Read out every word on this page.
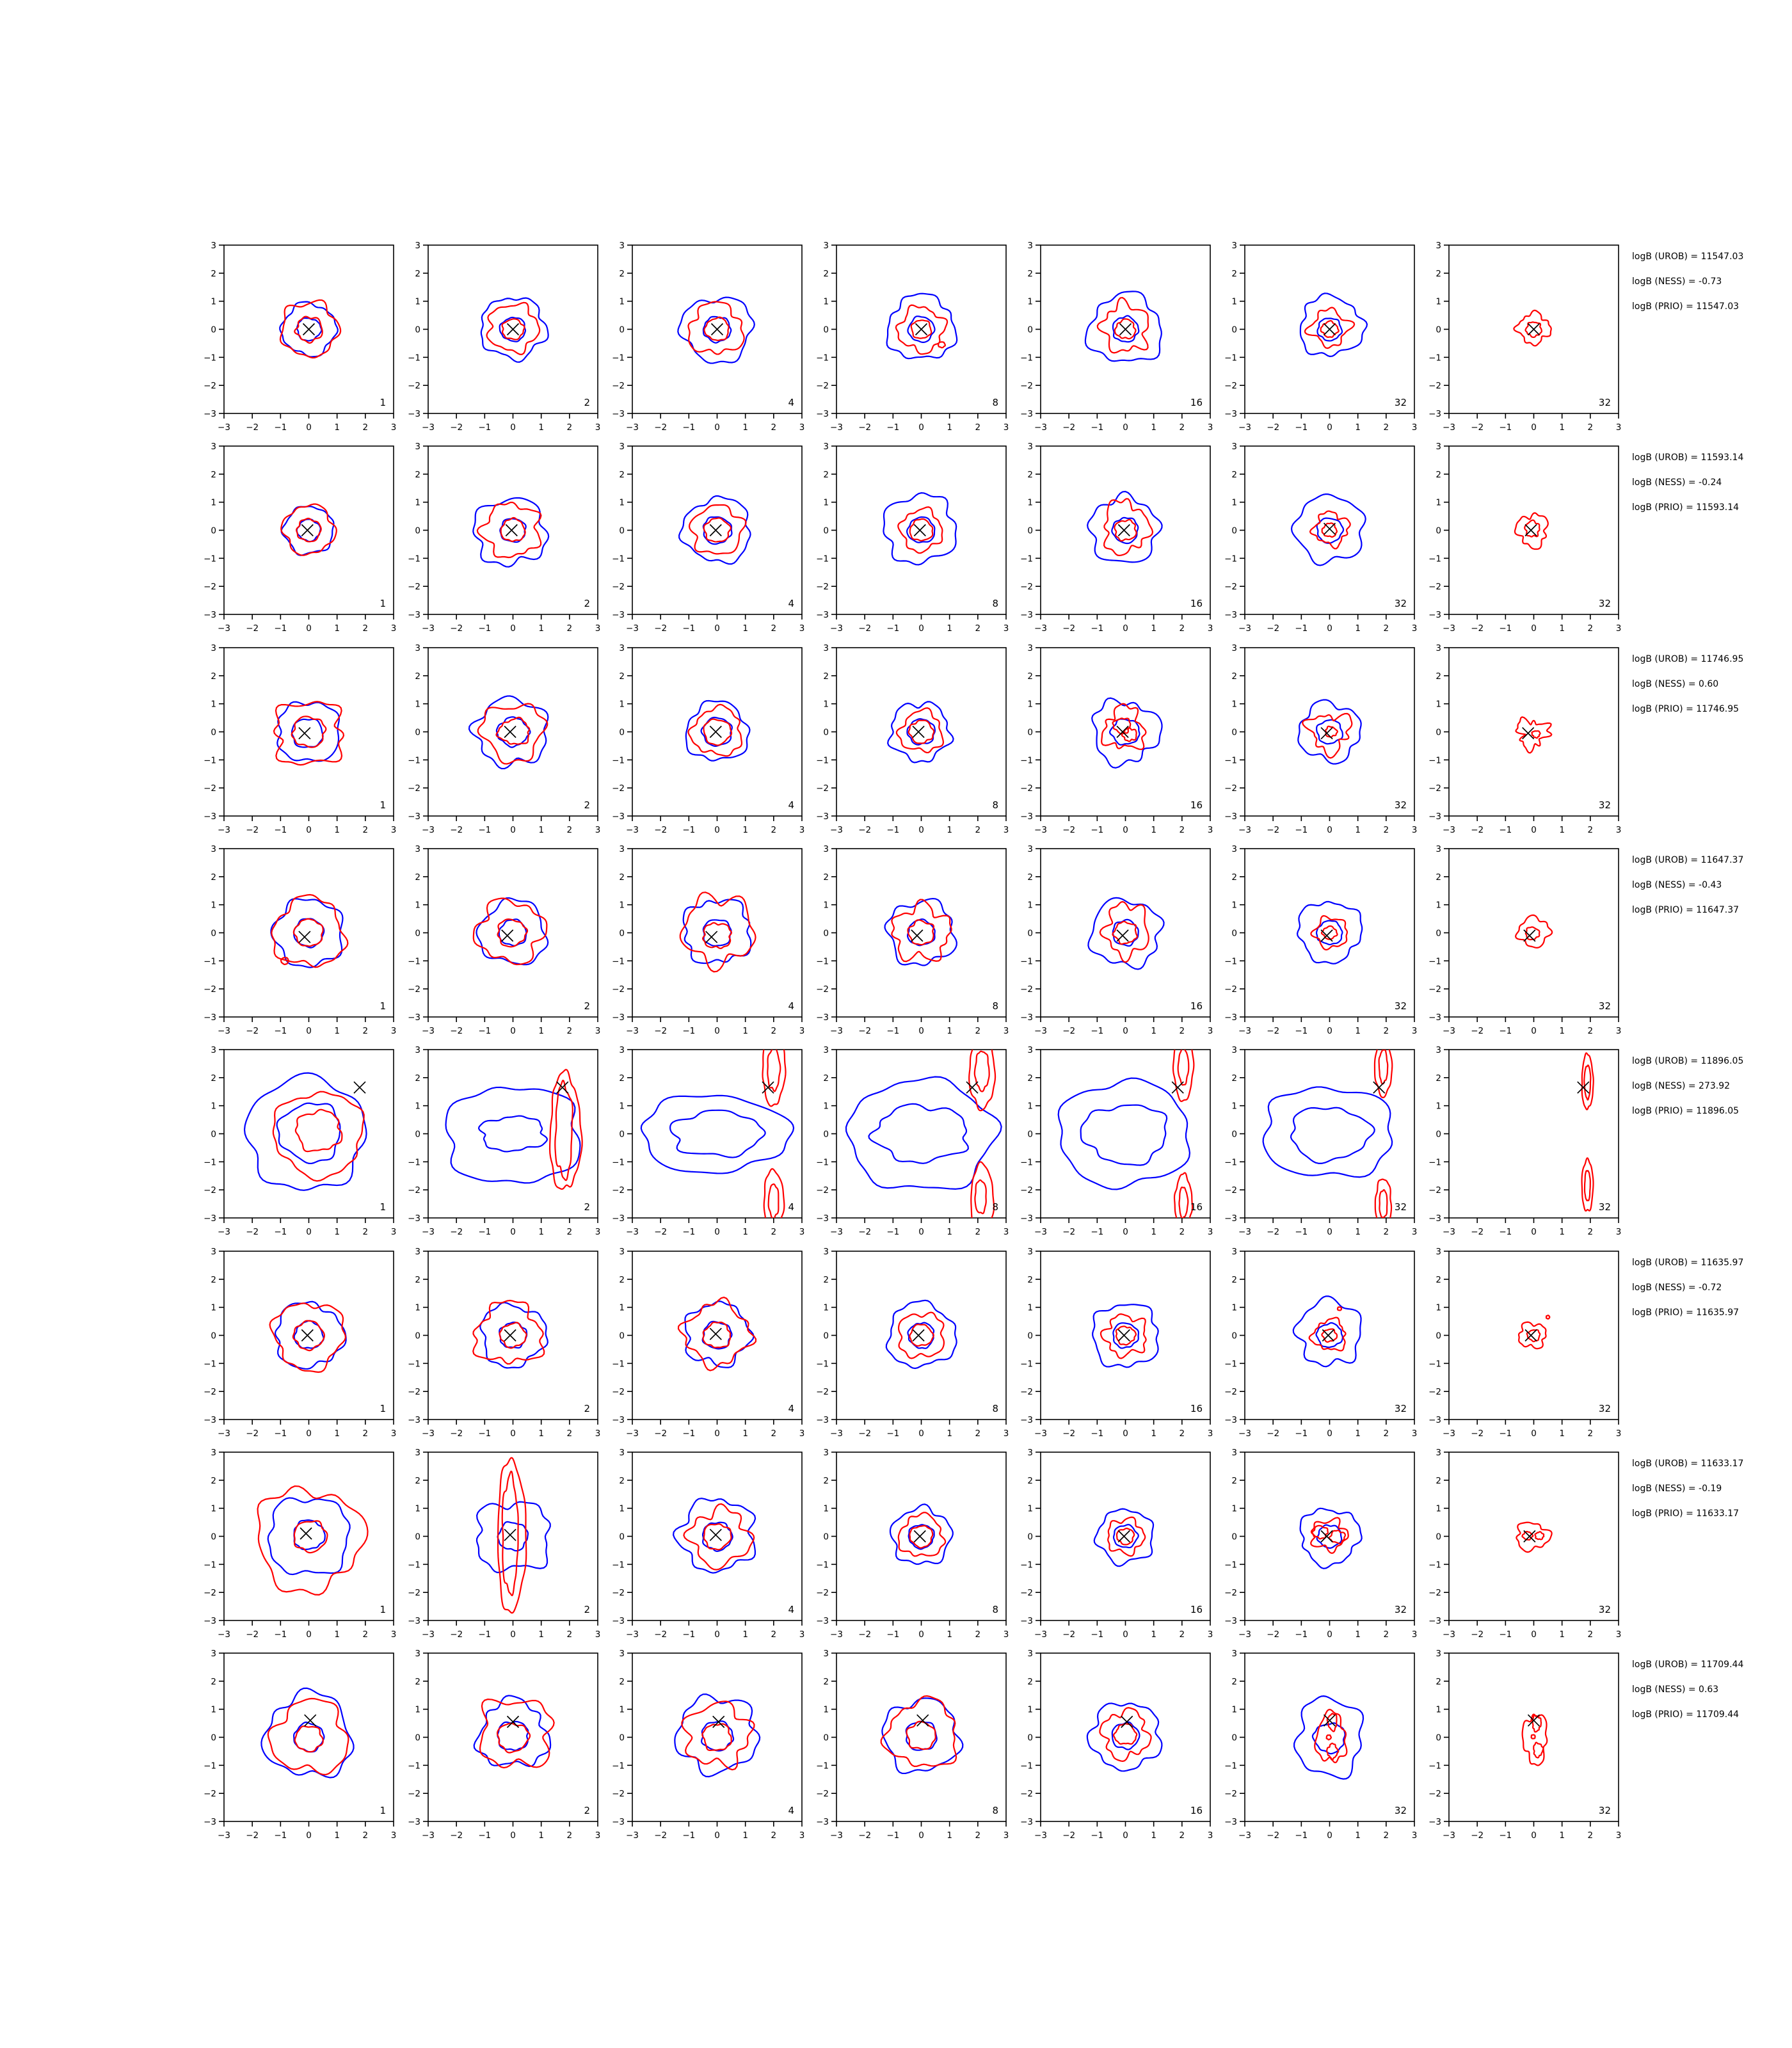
−3 −2 −1 0	1	2	3
−3
−2
−1
0
1
2
3
1
−3 −2 −1 0	1	2	3
−3
−2
−1
0
1
2
3
2
−3 −2 −1 0	1	2	3
−3
−2
−1
0
1
2
3
4
−3 −2 −1 0	1	2	3
−3
−2
−1
0
1
2
3
8
−3 −2 −1 0	1	2	3
−3
−2
−1
0
1
2
3
16
−3 −2 −1 0	1	2	3
−3
−2
−1
0
1
2
3
32
−3 −2 −1 0	1	2	3
−3
−2
−1
0
1
2
3
32
logB (UROB) = 11547.03
logB (NESS) = -0.73
logB (PRIO) = 11547.03
−3 −2 −1 0	1	2	3
−3
−2
−1
0
1
2
3
1
−3 −2 −1 0	1	2	3
−3
−2
−1
0
1
2
3
2
−3 −2 −1 0	1	2	3
−3
−2
−1
0
1
2
3
4
−3 −2 −1 0	1	2	3
−3
−2
−1
0
1
2
3
8
−3 −2 −1 0	1	2	3
−3
−2
−1
0
1
2
3
16
−3 −2 −1 0	1	2	3
−3
−2
−1
0
1
2
3
32
−3 −2 −1 0	1	2	3
−3
−2
−1
0
1
2
3
32
logB (UROB) = 11593.14
logB (NESS) = -0.24
logB (PRIO) = 11593.14
−3 −2 −1 0	1	2	3
−3
−2
−1
0
1
2
3
1
−3 −2 −1 0	1	2	3
−3
−2
−1
0
1
2
3
2
−3 −2 −1 0	1	2	3
−3
−2
−1
0
1
2
3
4
−3 −2 −1 0	1	2	3
−3
−2
−1
0
1
2
3
8
−3 −2 −1 0	1	2	3
−3
−2
−1
0
1
2
3
16
−3 −2 −1 0	1	2	3
−3
−2
−1
0
1
2
3
32
−3 −2 −1 0	1	2	3
−3
−2
−1
0
1
2
3
32
logB (UROB) = 11746.95
logB (NESS) = 0.60
logB (PRIO) = 11746.95
−3 −2 −1 0	1	2	3
−3
−2
−1
0
1
2
3
1
−3 −2 −1 0	1	2	3
−3
−2
−1
0
1
2
3
2
−3 −2 −1 0	1	2	3
−3
−2
−1
0
1
2
3
4
−3 −2 −1 0	1	2	3
−3
−2
−1
0
1
2
3
8
−3 −2 −1 0	1	2	3
−3
−2
−1
0
1
2
3
16
−3 −2 −1 0	1	2	3
−3
−2
−1
0
1
2
3
32
−3 −2 −1 0	1	2	3
−3
−2
−1
0
1
2
3
32
logB (UROB) = 11647.37
logB (NESS) = -0.43
logB (PRIO) = 11647.37
−3 −2 −1 0	1	2	3
−3
−2
−1
0
1
2
3
1
−3 −2 −1 0	1	2	3
−3
−2
−1
0
1
2
3
2
−3 −2 −1 0	1	2	3
−3
−2
−1
0
1
2
3
4
−3 −2 −1 0	1	2	3
−3
−2
−1
0
1
2
3
8
−3 −2 −1 0	1	2	3
−3
−2
−1
0
1
2
3
16
−3 −2 −1 0	1	2	3
−3
−2
−1
0
1
2
3
32
−3 −2 −1 0	1	2	3
−3
−2
−1
0
1
2
3
32
logB (UROB) = 11896.05
logB (NESS) = 273.92
logB (PRIO) = 11896.05
−3 −2 −1 0	1	2	3
−3
−2
−1
0
1
2
3
1
−3 −2 −1 0	1	2	3
−3
−2
−1
0
1
2
3
2
−3 −2 −1 0	1	2	3
−3
−2
−1
0
1
2
3
4
−3 −2 −1 0	1	2	3
−3
−2
−1
0
1
2
3
8
−3 −2 −1 0	1	2	3
−3
−2
−1
0
1
2
3
16
−3 −2 −1 0	1	2	3
−3
−2
−1
0
1
2
3
32
−3 −2 −1 0	1	2	3
−3
−2
−1
0
1
2
3
32
logB (UROB) = 11635.97
logB (NESS) = -0.72
logB (PRIO) = 11635.97
−3 −2 −1 0	1	2	3
−3
−2
−1
0
1
2
3
1
−3 −2 −1 0	1	2	3
−3
−2
−1
0
1
2
3
2
−3 −2 −1 0	1	2	3
−3
−2
−1
0
1
2
3
4
−3 −2 −1 0	1	2	3
−3
−2
−1
0
1
2
3
8
−3 −2 −1 0	1	2	3
−3
−2
−1
0
1
2
3
16
−3 −2 −1 0	1	2	3
−3
−2
−1
0
1
2
3
32
−3 −2 −1 0	1	2	3
−3
−2
−1
0
1
2
3
32
logB (UROB) = 11633.17
logB (NESS) = -0.19
logB (PRIO) = 11633.17
−3 −2 −1 0	1	2	3
−3
−2
−1
0
1
2
3
1
−3 −2 −1 0	1	2	3
−3
−2
−1
0
1
2
3
2
−3 −2 −1 0	1	2	3
−3
−2
−1
0
1
2
3
4
−3 −2 −1 0	1	2	3
−3
−2
−1
0
1
2
3
8
−3 −2 −1 0	1	2	3
−3
−2
−1
0
1
2
3
16
−3 −2 −1 0	1	2	3
−3
−2
−1
0
1
2
3
32
−3 −2 −1 0	1	2	3
−3
−2
−1
0
1
2
3
32
logB (UROB) = 11709.44
logB (NESS) = 0.63
logB (PRIO) = 11709.44
